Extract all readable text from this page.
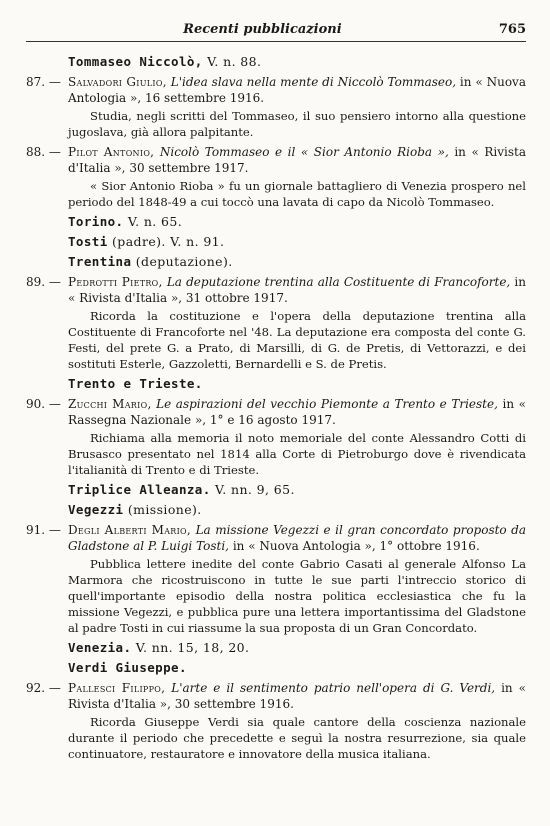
Recenti pubblicazioni	765
Tommaseo Niccolò, V. n. 88.
87. — Salvadori Giulio, L'idea slava nella mente di Niccolò Tommaseo, in « Nuova Antologia », 16 settembre 1916.
Studia, negli scritti del Tommaseo, il suo pensiero intorno alla questione jugoslava, già allora palpitante.
88. — Pilot Antonio, Nicolò Tommaseo e il « Sior Antonio Rioba », in « Rivista d'Italia », 30 settembre 1917.
« Sior Antonio Rioba » fu un giornale battagliero di Venezia prospero nel periodo del 1848-49 a cui toccò una lavata di capo da Nicolò Tommaseo.
Torino. V. n. 65.
Tosti (padre). V. n. 91.
Trentina (deputazione).
89. — Pedrotti Pietro, La deputazione trentina alla Costituente di Francoforte, in « Rivista d'Italia », 31 ottobre 1917.
Ricorda la costituzione e l'opera della deputazione trentina alla Costituente di Francoforte nel '48. La deputazione era composta del conte G. Festi, del prete G. a Prato, di Marsilli, di G. de Pretis, di Vettorazzi, e dei sostituti Esterle, Gazzoletti, Bernardelli e S. de Pretis.
Trento e Trieste.
90. — Zucchi Mario, Le aspirazioni del vecchio Piemonte a Trento e Trieste, in « Rassegna Nazionale », 1° e 16 agosto 1917.
Richiama alla memoria il noto memoriale del conte Alessandro Cotti di Brusasco presentato nel 1814 alla Corte di Pietroburgo dove è rivendicata l'italianità di Trento e di Trieste.
Triplice Alleanza. V. nn. 9, 65.
Vegezzi (missione).
91. — Degli Alberti Mario, La missione Vegezzi e il gran concordato proposto da Gladstone al P. Luigi Tosti, in « Nuova Antologia », 1° ottobre 1916.
Pubblica lettere inedite del conte Gabrio Casati al generale Alfonso La Marmora che ricostruiscono in tutte le sue parti l'intreccio storico di quell'importante episodio della nostra politica ecclesiastica che fu la missione Vegezzi, e pubblica pure una lettera importantissima del Gladstone al padre Tosti in cui riassume la sua proposta di un Gran Concordato.
Venezia. V. nn. 15, 18, 20.
Verdi Giuseppe.
92. — Pallesci Filippo, L'arte e il sentimento patrio nell'opera di G. Verdi, in « Rivista d'Italia », 30 settembre 1916.
Ricorda Giuseppe Verdi sia quale cantore della coscienza nazionale durante il periodo che precedette e seguì la nostra resurrezione, sia quale continuatore, restauratore e innovatore della musica italiana.
